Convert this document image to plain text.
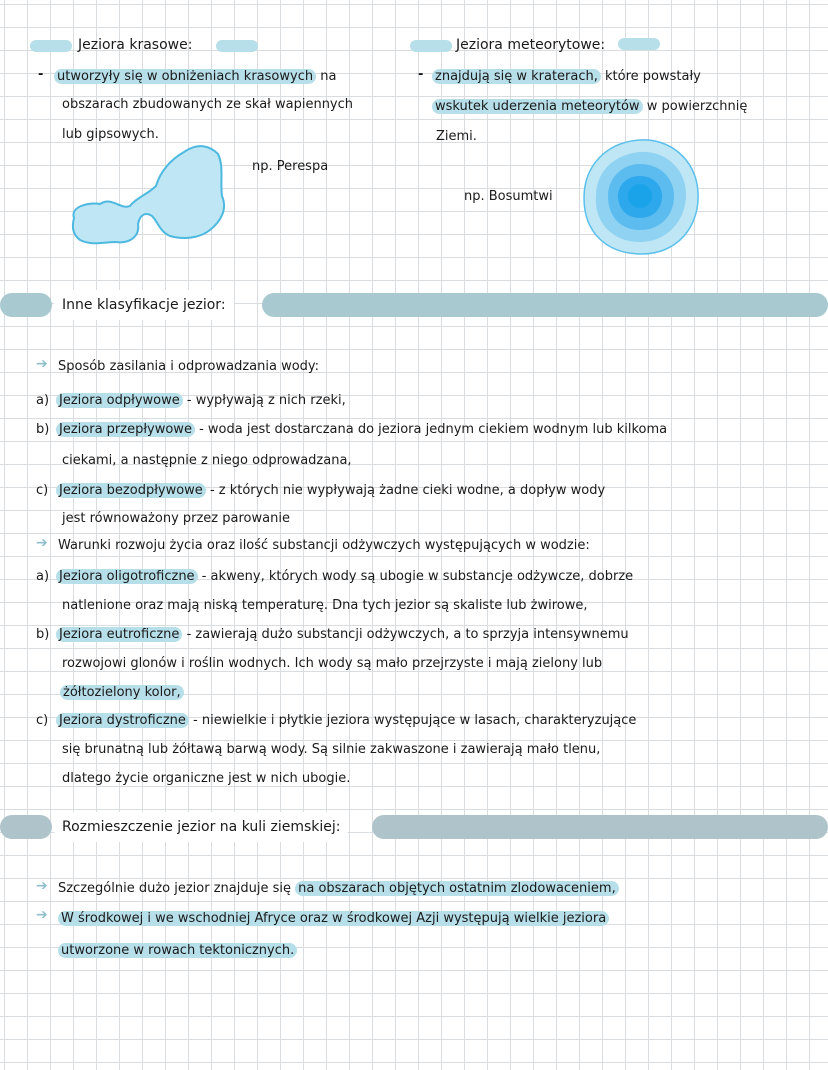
Jeziora krasowe:
- utworzyły się w obniżeniach krasowych na
obszarach zbudowanych ze skał wapiennych
lub gipsowych.
np. Perespa
Jeziora meteorytowe:
- znajdują się w kraterach, które powstały
wskutek uderzenia meteorytów w powierzchnię
Ziemi.
np. Bosumtwi
Inne klasyfikacje jezior:
➔ Sposób zasilania i odprowadzania wody:
a) Jeziora odpływowe - wypływają z nich rzeki,
b) Jeziora przepływowe - woda jest dostarczana do jeziora jednym ciekiem wodnym lub kilkoma
ciekami, a następnie z niego odprowadzana,
c) Jeziora bezodpływowe - z których nie wypływają żadne cieki wodne, a dopływ wody
jest równoważony przez parowanie
➔ Warunki rozwoju życia oraz ilość substancji odżywczych występujących w wodzie:
a) Jeziora oligotroficzne - akweny, których wody są ubogie w substancje odżywcze, dobrze
natlenione oraz mają niską temperaturę. Dna tych jezior są skaliste lub żwirowe,
b) Jeziora eutroficzne - zawierają dużo substancji odżywczych, a to sprzyja intensywnemu
rozwojowi glonów i roślin wodnych. Ich wody są mało przejrzyste i mają zielony lub
żółtozielony kolor,
c) Jeziora dystroficzne - niewielkie i płytkie jeziora występujące w lasach, charakteryzujące
się brunatną lub żółtawą barwą wody. Są silnie zakwaszone i zawierają mało tlenu,
dlatego życie organiczne jest w nich ubogie.
Rozmieszczenie jezior na kuli ziemskiej:
➔ Szczególnie dużo jezior znajduje się na obszarach objętych ostatnim zlodowaceniem,
➔ W środkowej i we wschodniej Afryce oraz w środkowej Azji występują wielkie jeziora
utworzone w rowach tektonicznych.
